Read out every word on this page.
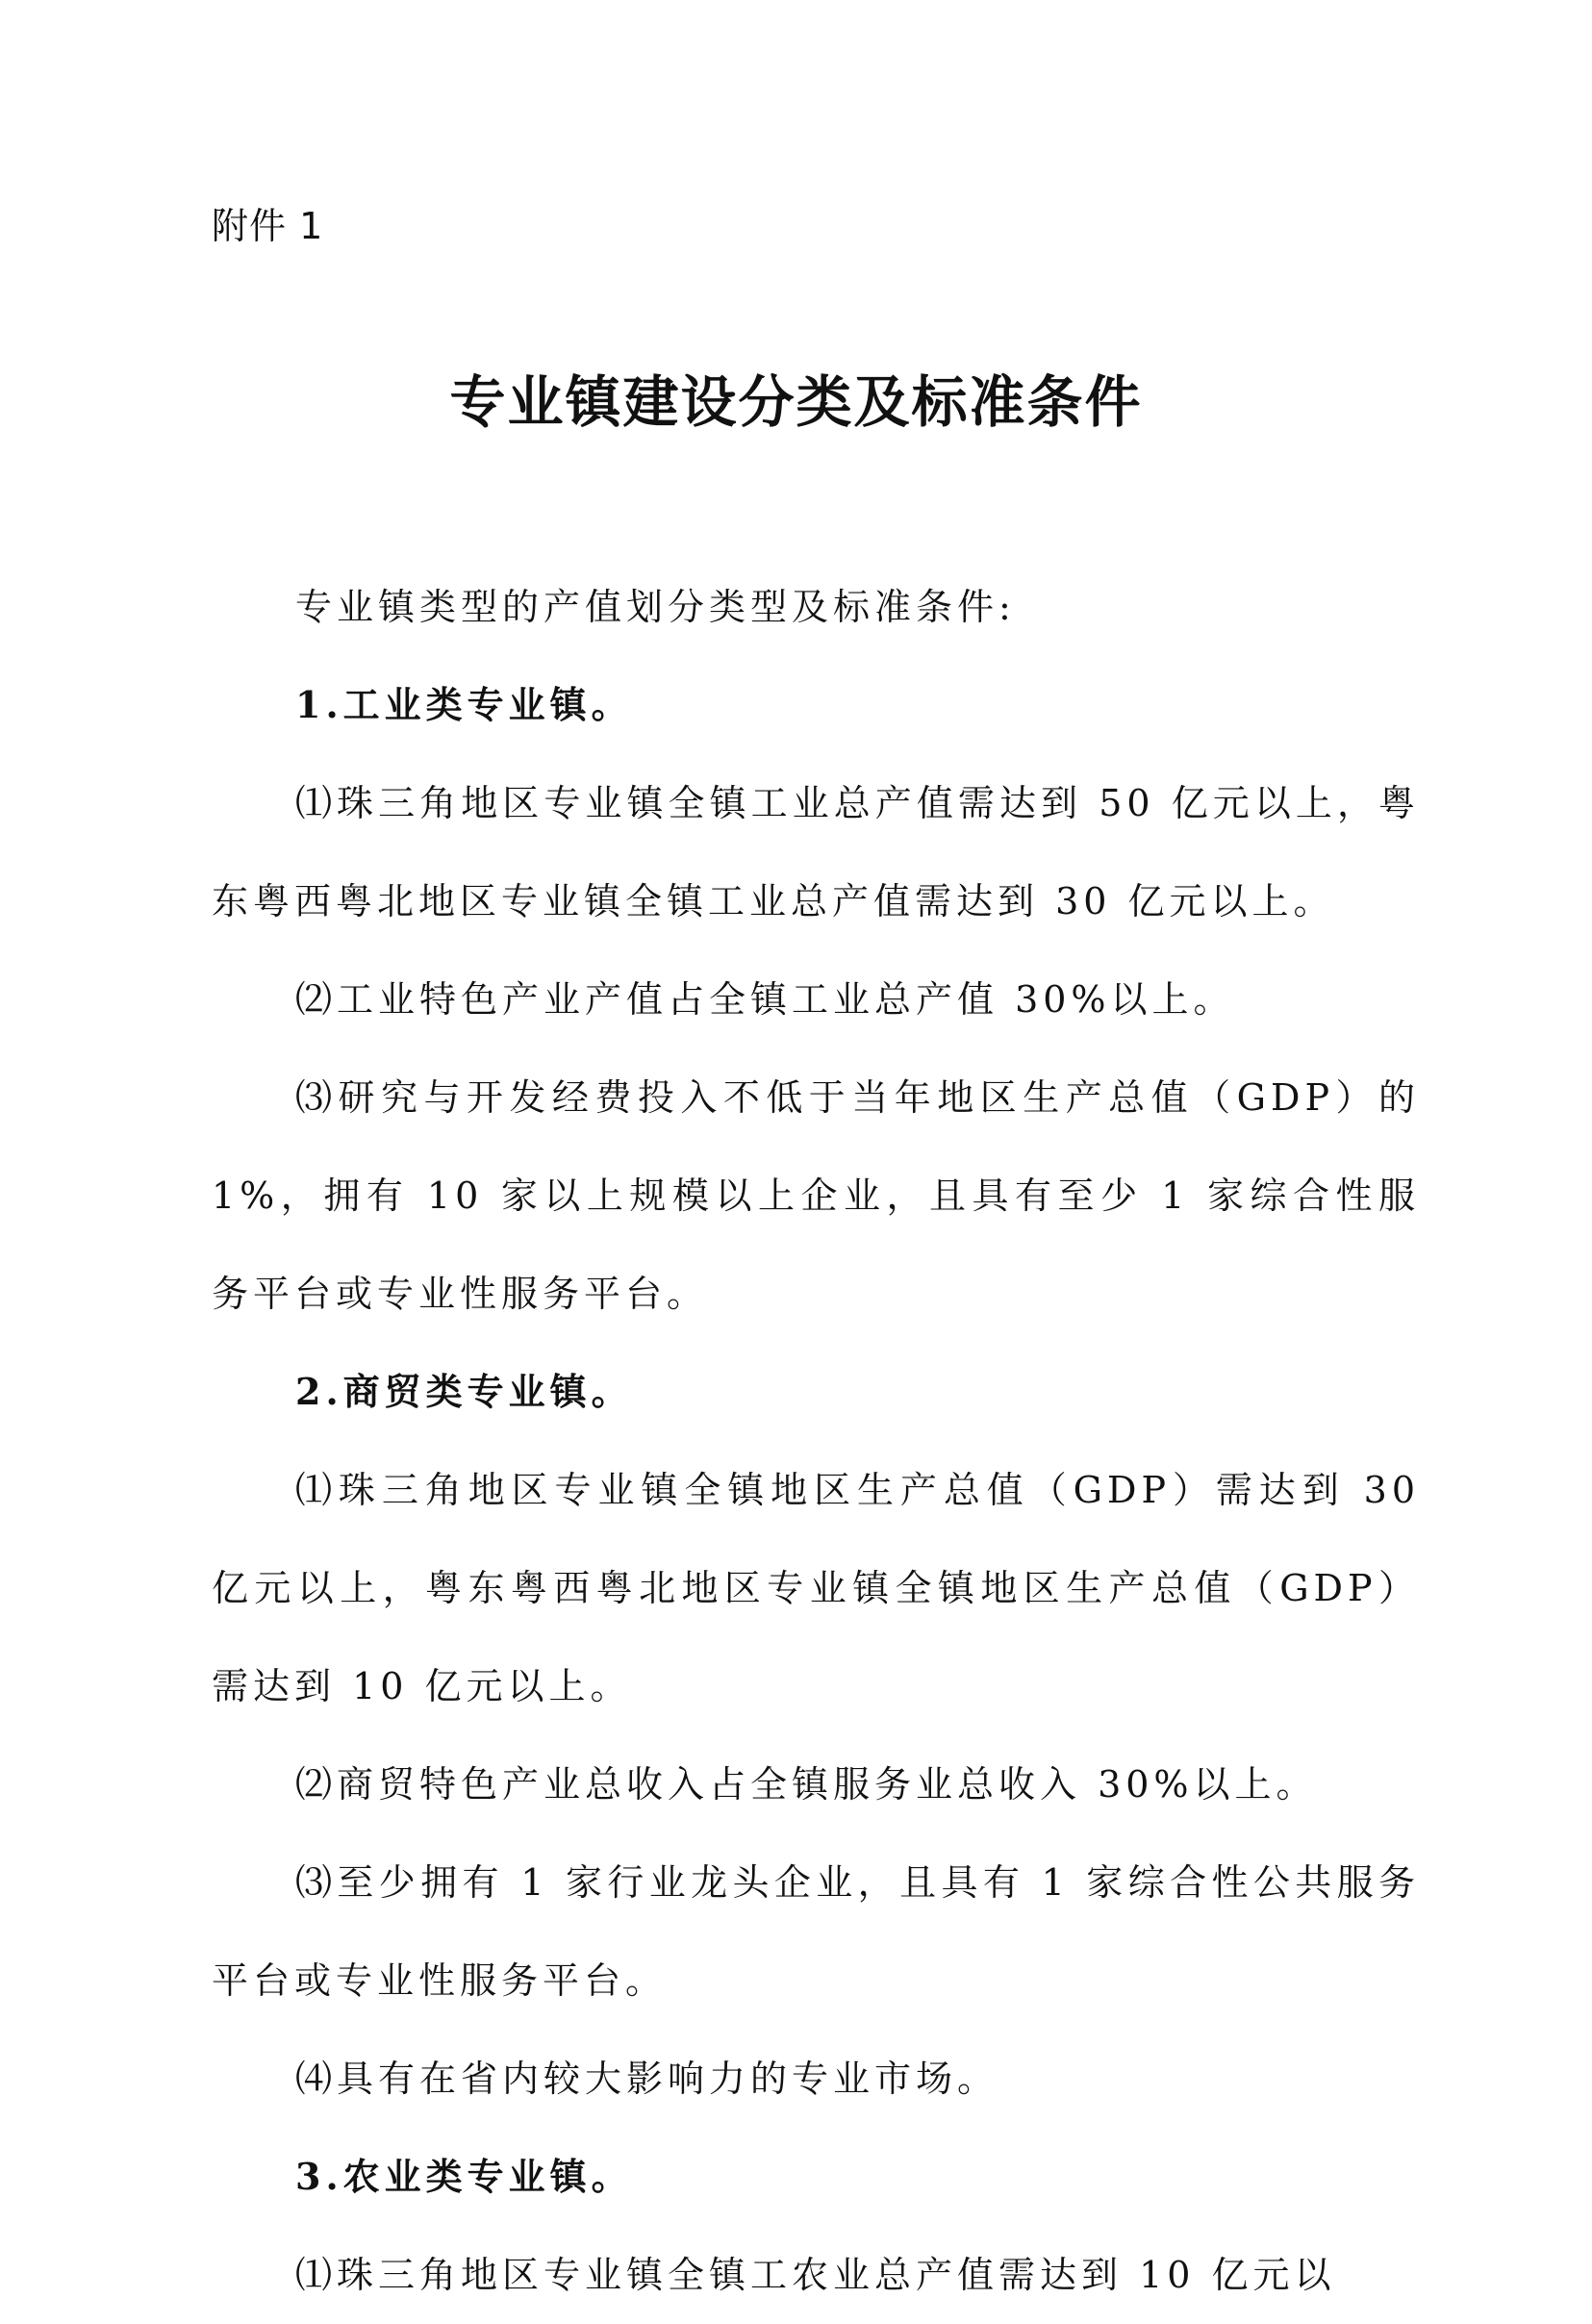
附件 1
专业镇建设分类及标准条件

专业镇类型的产值划分类型及标准条件:

1.工业类专业镇。

⑴珠三角地区专业镇全镇工业总产值需达到 50 亿元以上，粤东粤西粤北地区专业镇全镇工业总产值需达到 30 亿元以上。

⑵工业特色产业产值占全镇工业总产值 30%以上。

⑶研究与开发经费投入不低于当年地区生产总值（GDP）的 1%，拥有 10 家以上规模以上企业，且具有至少 1 家综合性服务平台或专业性服务平台。

2.商贸类专业镇。

⑴珠三角地区专业镇全镇地区生产总值（GDP）需达到 30 亿元以上，粤东粤西粤北地区专业镇全镇地区生产总值（GDP）需达到 10 亿元以上。

⑵商贸特色产业总收入占全镇服务业总收入 30%以上。

⑶至少拥有 1 家行业龙头企业，且具有 1 家综合性公共服务平台或专业性服务平台。

⑷具有在省内较大影响力的专业市场。

3.农业类专业镇。

⑴珠三角地区专业镇全镇工农业总产值需达到 10 亿元以
